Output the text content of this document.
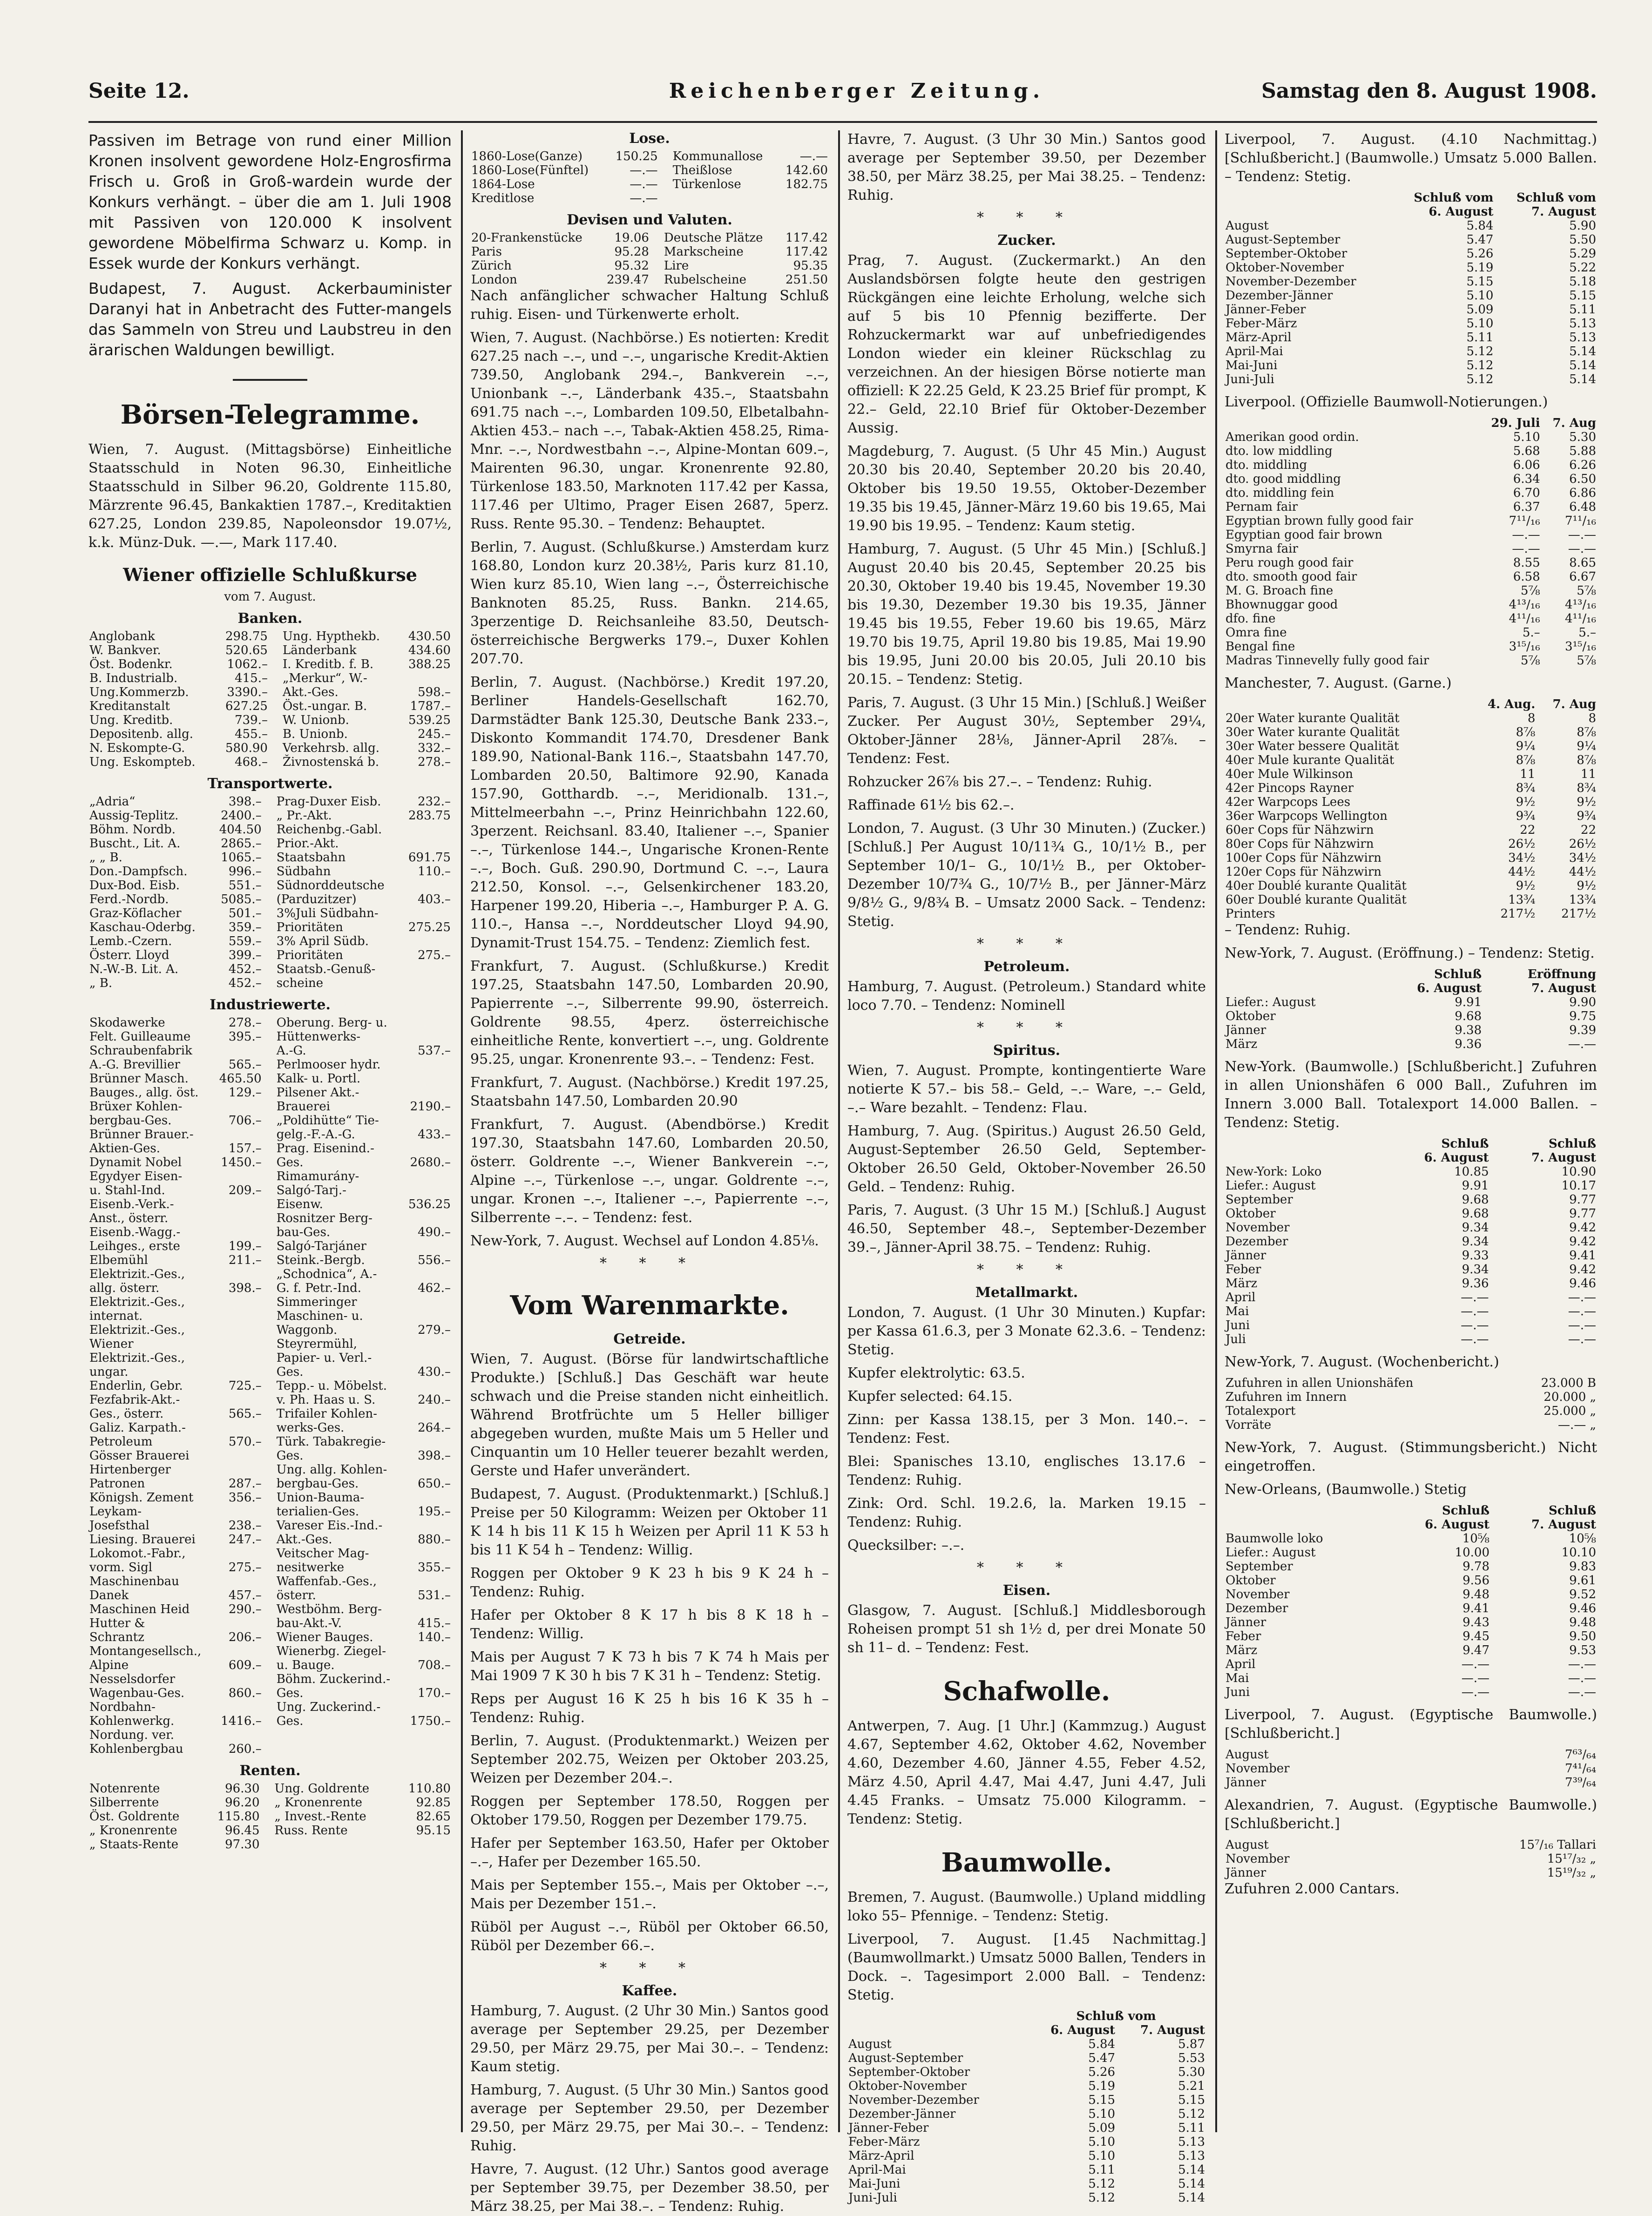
Seite 12.	Reichenberger Zeitung.	Samstag den 8. August 1908.

Passiven im Betrage von rund einer Million Kronen insolvent gewordene Holz-Engrosfirma Frisch u. Groß in Groß-wardein wurde der Konkurs verhängt. – über die am 1. Juli 1908 mit Passiven von 120.000 K insolvent gewordene Möbelfirma Schwarz u. Komp. in Essek wurde der Konkurs verhängt.

Budapest, 7. August. Ackerbauminister Daranyi hat in Anbetracht des Futter-mangels das Sammeln von Streu und Laubstreu in den ärarischen Waldungen bewilligt.

Börsen-Telegramme.

Wien, 7. August. (Mittagsbörse) Einheitliche Staatsschuld in Noten 96.30, Einheitliche Staatsschuld in Silber 96.20, Goldrente 115.80, Märzrente 96.45, Bankaktien 1787.–, Kreditaktien 627.25, London 239.85, Napoleonsdor 19.07½, k.k. Münz-Duk. —.—, Mark 117.40.

Wiener offizielle Schlußkurse
vom 7. August.
Banken.
Anglobank	298.75		Ung. Hypthekb.	430.50
W. Bankver.	520.65		Länderbank	434.60
Öst. Bodenkr.	1062.–		I. Kreditb. f. B.	388.25
B. Industrialb.	415.–		„Merkur“, W.-	
Ung.Kommerzb.	3390.–		Akt.-Ges.	598.–
Kreditanstalt	627.25		Öst.-ungar. B.	1787.–
Ung. Kreditb.	739.–		W. Unionb.	539.25
Depositenb. allg.	455.–		B. Unionb.	245.–
N. Eskompte-G.	580.90		Verkehrsb. allg.	332.–
Ung. Eskompteb.	468.–		Živnostenská b.	278.–
Transportwerte.
„Adria“	398.–		Prag-Duxer Eisb.	232.–
Aussig-Teplitz.	2400.–		„ Pr.-Akt.	283.75
Böhm. Nordb.	404.50		Reichenbg.-Gabl.	
Buscht., Lit. A.	2865.–		Prior.-Akt.	
„ „ B.	1065.–		Staatsbahn	691.75
Don.-Dampfsch.	996.–		Südbahn	110.–
Dux-Bod. Eisb.	551.–		Südnorddeutsche	
Ferd.-Nordb.	5085.–		(Parduzitzer)	403.–
Graz-Köflacher	501.–		3%Juli Südbahn-	
Kaschau-Oderbg.	359.–		Prioritäten	275.25
Lemb.-Czern.	559.–		3% April Südb.	
Österr. Lloyd	399.–		Prioritäten	275.–
N.-W.-B. Lit. A.	452.–		Staatsb.-Genuß-	
„ B.	452.–		scheine	
Industriewerte.
Skodawerke	278.–		Oberung. Berg- u.	
Felt. Guilleaume	395.–		Hüttenwerks-	
Schraubenfabrik			A.-G.	537.–
A.-G. Brevillier	565.–		Perlmooser hydr.	
Brünner Masch.	465.50		Kalk- u. Portl.	
Bauges., allg. öst.	129.–		Pilsener Akt.-	
Brüxer Kohlen-			Brauerei	2190.–
bergbau-Ges.	706.–		„Poldihütte“ Tie-	
Brünner Brauer.-			gelg.-F.-A.-G.	433.–
Aktien-Ges.	157.–		Prag. Eisenind.-	
Dynamit Nobel	1450.–		Ges.	2680.–
Egydyer Eisen-			Rimamurány-	
u. Stahl-Ind.	209.–		Salgó-Tarj.-	
Eisenb.-Verk.-			Eisenw.	536.25
Anst., österr.			Rosnitzer Berg-	
Eisenb.-Wagg.-			bau-Ges.	490.–
Leihges., erste	199.–		Salgó-Tarjáner	
Elbemühl	211.–		Steink.-Bergb.	556.–
Elektrizit.-Ges.,			„Schodnica“, A.-	
allg. österr.	398.–		G. f. Petr.-Ind.	462.–
Elektrizit.-Ges.,			Simmeringer	
internat.			Maschinen- u.	
Elektrizit.-Ges.,			Waggonb.	279.–
Wiener			Steyrermühl,	
Elektrizit.-Ges.,			Papier- u. Verl.-	
ungar.			Ges.	430.–
Enderlin, Gebr.	725.–		Tepp.- u. Möbelst.	
Fezfabrik-Akt.-			v. Ph. Haas u. S.	240.–
Ges., österr.	565.–		Trifailer Kohlen-	
Galiz. Karpath.-			werks-Ges.	264.–
Petroleum	570.–		Türk. Tabakregie-	
Gösser Brauerei			Ges.	398.–
Hirtenberger			Ung. allg. Kohlen-	
Patronen	287.–		bergbau-Ges.	650.–
Königsh. Zement	356.–		Union-Bauma-	
Leykam-			terialien-Ges.	195.–
Josefsthal	238.–		Vareser Eis.-Ind.-	
Liesing. Brauerei	247.–		Akt.-Ges.	880.–
Lokomot.-Fabr.,			Veitscher Mag-	
vorm. Sigl	275.–		nesitwerke	355.–
Maschinenbau			Waffenfab.-Ges.,	
Danek	457.–		österr.	531.–
Maschinen Heid	290.–		Westböhm. Berg-	
Hutter &			bau-Akt.-V.	415.–
Schrantz	206.–		Wiener Bauges.	140.–
Montangesellsch.,			Wienerbg. Ziegel-	
Alpine	609.–		u. Bauge.	708.–
Nesselsdorfer			Böhm. Zuckerind.-	
Wagenbau-Ges.	860.–		Ges.	170.–
Nordbahn-			Ung. Zuckerind.-	
Kohlenwerkg.	1416.–		Ges.	1750.–
Nordung. ver.				
Kohlenbergbau	260.–			
Renten.
Notenrente	96.30		Ung. Goldrente	110.80
Silberrente	96.20		„ Kronenrente	92.85
Öst. Goldrente	115.80		„ Invest.-Rente	82.65
„ Kronenrente	96.45		Russ. Rente	95.15
„ Staats-Rente	97.30			
Lose.
1860-Lose(Ganze)	150.25		Kommunallose	—.—
1860-Lose(Fünftel)	—.—		Theißlose	142.60
1864-Lose	—.—		Türkenlose	182.75
Kreditlose	—.—			
Devisen und Valuten.
20-Frankenstücke	19.06		Deutsche Plätze	117.42
Paris	95.28		Markscheine	117.42
Zürich	95.32		Lire	95.35
London	239.47		Rubelscheine	251.50

Nach anfänglicher schwacher Haltung Schluß ruhig. Eisen- und Türkenwerte erholt.

Wien, 7. August. (Nachbörse.) Es notierten: Kredit 627.25 nach –.–, und –.–, ungarische Kredit-Aktien 739.50, Anglobank 294.–, Bankverein –.–, Unionbank –.–, Länderbank 435.–, Staatsbahn 691.75 nach –.–, Lombarden 109.50, Elbetalbahn-Aktien 453.– nach –.–, Tabak-Aktien 458.25, Rima-Mnr. –.–, Nordwestbahn –.–, Alpine-Montan 609.–, Mairenten 96.30, ungar. Kronenrente 92.80, Türkenlose 183.50, Marknoten 117.42 per Kassa, 117.46 per Ultimo, Prager Eisen 2687, 5perz. Russ. Rente 95.30. – Tendenz: Behauptet.

Berlin, 7. August. (Schlußkurse.) Amsterdam kurz 168.80, London kurz 20.38½, Paris kurz 81.10, Wien kurz 85.10, Wien lang –.–, Österreichische Banknoten 85.25, Russ. Bankn. 214.65, 3perzentige D. Reichsanleihe 83.50, Deutsch-österreichische Bergwerks 179.–, Duxer Kohlen 207.70.

Berlin, 7. August. (Nachbörse.) Kredit 197.20, Berliner Handels-Gesellschaft 162.70, Darmstädter Bank 125.30, Deutsche Bank 233.–, Diskonto Kommandit 174.70, Dresdener Bank 189.90, National-Bank 116.–, Staatsbahn 147.70, Lombarden 20.50, Baltimore 92.90, Kanada 157.90, Gotthardb. –.–, Meridionalb. 131.–, Mittelmeerbahn –.–, Prinz Heinrichbahn 122.60, 3perzent. Reichsanl. 83.40, Italiener –.–, Spanier –.–, Türkenlose 144.–, Ungarische Kronen-Rente –.–, Boch. Guß. 290.90, Dortmund C. –.–, Laura 212.50, Konsol. –.–, Gelsenkirchener 183.20, Harpener 199.20, Hiberia –.–, Hamburger P. A. G. 110.–, Hansa –.–, Norddeutscher Lloyd 94.90, Dynamit-Trust 154.75. – Tendenz: Ziemlich fest.

Frankfurt, 7. August. (Schlußkurse.) Kredit 197.25, Staatsbahn 147.50, Lombarden 20.90, Papierrente –.–, Silberrente 99.90, österreich. Goldrente 98.55, 4perz. österreichische einheitliche Rente, konvertiert –.–, ung. Goldrente 95.25, ungar. Kronenrente 93.–. – Tendenz: Fest.

Frankfurt, 7. August. (Nachbörse.) Kredit 197.25, Staatsbahn 147.50, Lombarden 20.90

Frankfurt, 7. August. (Abendbörse.) Kredit 197.30, Staatsbahn 147.60, Lombarden 20.50, österr. Goldrente –.–, Wiener Bankverein –.–, Alpine –.–, Türkenlose –.–, ungar. Goldrente –.–, ungar. Kronen –.–, Italiener –.–, Papierrente –.–, Silberrente –.–. – Tendenz: fest.

New-York, 7. August. Wechsel auf London 4.85⅛.

* * *
Vom Warenmarkte.
Getreide.

Wien, 7. August. (Börse für landwirtschaftliche Produkte.) [Schluß.] Das Geschäft war heute schwach und die Preise standen nicht einheitlich. Während Brotfrüchte um 5 Heller billiger abgegeben wurden, mußte Mais um 5 Heller und Cinquantin um 10 Heller teuerer bezahlt werden, Gerste und Hafer unverändert.

Budapest, 7. August. (Produktenmarkt.) [Schluß.] Preise per 50 Kilogramm: Weizen per Oktober 11 K 14 h bis 11 K 15 h Weizen per April 11 K 53 h bis 11 K 54 h – Tendenz: Willig.

Roggen per Oktober 9 K 23 h bis 9 K 24 h – Tendenz: Ruhig.

Hafer per Oktober 8 K 17 h bis 8 K 18 h – Tendenz: Willig.

Mais per August 7 K 73 h bis 7 K 74 h Mais per Mai 1909 7 K 30 h bis 7 K 31 h – Tendenz: Stetig.

Reps per August 16 K 25 h bis 16 K 35 h – Tendenz: Ruhig.

Berlin, 7. August. (Produktenmarkt.) Weizen per September 202.75, Weizen per Oktober 203.25, Weizen per Dezember 204.–.

Roggen per September 178.50, Roggen per Oktober 179.50, Roggen per Dezember 179.75.

Hafer per September 163.50, Hafer per Oktober –.–, Hafer per Dezember 165.50.

Mais per September 155.–, Mais per Oktober –.–, Mais per Dezember 151.–.

Rüböl per August –.–, Rüböl per Oktober 66.50, Rüböl per Dezember 66.–.

* * *
Kaffee.

Hamburg, 7. August. (2 Uhr 30 Min.) Santos good average per September 29.25, per Dezember 29.50, per März 29.75, per Mai 30.–. – Tendenz: Kaum stetig.

Hamburg, 7. August. (5 Uhr 30 Min.) Santos good average per September 29.50, per Dezember 29.50, per März 29.75, per Mai 30.–. – Tendenz: Ruhig.

Havre, 7. August. (12 Uhr.) Santos good average per September 39.75, per Dezember 38.50, per März 38.25, per Mai 38.–. – Tendenz: Ruhig.

Havre, 7. August. (3 Uhr 30 Min.) Santos good average per September 39.50, per Dezember 38.50, per März 38.25, per Mai 38.25. – Tendenz: Ruhig.

* * *
Zucker.

Prag, 7. August. (Zuckermarkt.) An den Auslandsbörsen folgte heute den gestrigen Rückgängen eine leichte Erholung, welche sich auf 5 bis 10 Pfennig bezifferte. Der Rohzuckermarkt war auf unbefriedigendes London wieder ein kleiner Rückschlag zu verzeichnen. An der hiesigen Börse notierte man offiziell: K 22.25 Geld, K 23.25 Brief für prompt, K 22.– Geld, 22.10 Brief für Oktober-Dezember Aussig.

Magdeburg, 7. August. (5 Uhr 45 Min.) August 20.30 bis 20.40, September 20.20 bis 20.40, Oktober bis 19.50 19.55, Oktober-Dezember 19.35 bis 19.45, Jänner-März 19.60 bis 19.65, Mai 19.90 bis 19.95. – Tendenz: Kaum stetig.

Hamburg, 7. August. (5 Uhr 45 Min.) [Schluß.] August 20.40 bis 20.45, September 20.25 bis 20.30, Oktober 19.40 bis 19.45, November 19.30 bis 19.30, Dezember 19.30 bis 19.35, Jänner 19.45 bis 19.55, Feber 19.60 bis 19.65, März 19.70 bis 19.75, April 19.80 bis 19.85, Mai 19.90 bis 19.95, Juni 20.00 bis 20.05, Juli 20.10 bis 20.15. – Tendenz: Stetig.

Paris, 7. August. (3 Uhr 15 Min.) [Schluß.] Weißer Zucker. Per August 30½, September 29¼, Oktober-Jänner 28⅛, Jänner-April 28⅞. – Tendenz: Fest.

Rohzucker 26⅞ bis 27.–. – Tendenz: Ruhig.

Raffinade 61½ bis 62.–.

London, 7. August. (3 Uhr 30 Minuten.) (Zucker.) [Schluß.] Per August 10/11¾ G., 10/1½ B., per September 10/1– G., 10/1½ B., per Oktober-Dezember 10/7¾ G., 10/7½ B., per Jänner-März 9/8½ G., 9/8¾ B. – Umsatz 2000 Sack. – Tendenz: Stetig.

* * *
Petroleum.

Hamburg, 7. August. (Petroleum.) Standard white loco 7.70. – Tendenz: Nominell

* * *
Spiritus.

Wien, 7. August. Prompte, kontingentierte Ware notierte K 57.– bis 58.– Geld, –.– Ware, –.– Geld, –.– Ware bezahlt. – Tendenz: Flau.

Hamburg, 7. Aug. (Spiritus.) August 26.50 Geld, August-September 26.50 Geld, September-Oktober 26.50 Geld, Oktober-November 26.50 Geld. – Tendenz: Ruhig.

Paris, 7. August. (3 Uhr 15 M.) [Schluß.] August 46.50, September 48.–, September-Dezember 39.–, Jänner-April 38.75. – Tendenz: Ruhig.

* * *
Metallmarkt.

London, 7. August. (1 Uhr 30 Minuten.) Kupfar: per Kassa 61.6.3, per 3 Monate 62.3.6. – Tendenz: Stetig.

Kupfer elektrolytic: 63.5.

Kupfer selected: 64.15.

Zinn: per Kassa 138.15, per 3 Mon. 140.–. – Tendenz: Fest.

Blei: Spanisches 13.10, englisches 13.17.6 – Tendenz: Ruhig.

Zink: Ord. Schl. 19.2.6, la. Marken 19.15 – Tendenz: Ruhig.

Quecksilber: –.–.

* * *
Eisen.

Glasgow, 7. August. [Schluß.] Middlesborough Roheisen prompt 51 sh 1½ d, per drei Monate 50 sh 11– d. – Tendenz: Fest.

Schafwolle.

Antwerpen, 7. Aug. [1 Uhr.] (Kammzug.) August 4.67, September 4.62, Oktober 4.62, November 4.60, Dezember 4.60, Jänner 4.55, Feber 4.52, März 4.50, April 4.47, Mai 4.47, Juni 4.47, Juli 4.45 Franks. – Umsatz 75.000 Kilogramm. – Tendenz: Stetig.

Baumwolle.

Bremen, 7. August. (Baumwolle.) Upland middling loko 55– Pfennige. – Tendenz: Stetig.

Liverpool, 7. August. [1.45 Nachmittag.] (Baumwollmarkt.) Umsatz 5000 Ballen, Tenders in Dock. –. Tagesimport 2.000 Ball. – Tendenz: Stetig.

	Schluß vom	
	6. August	7. August
August	5.84	5.87
August-September	5.47	5.53
September-Oktober	5.26	5.30
Oktober-November	5.19	5.21
November-Dezember	5.15	5.15
Dezember-Jänner	5.10	5.12
Jänner-Feber	5.09	5.11
Feber-März	5.10	5.13
März-April	5.10	5.13
April-Mai	5.11	5.14
Mai-Juni	5.12	5.14
Juni-Juli	5.12	5.14

Liverpool, 7. August. (4.10 Nachmittag.) [Schlußbericht.] (Baumwolle.) Umsatz 5.000 Ballen. – Tendenz: Stetig.

	Schluß vom	Schluß vom
	6. August	7. August
August	5.84	5.90
August-September	5.47	5.50
September-Oktober	5.26	5.29
Oktober-November	5.19	5.22
November-Dezember	5.15	5.18
Dezember-Jänner	5.10	5.15
Jänner-Feber	5.09	5.11
Feber-März	5.10	5.13
März-April	5.11	5.13
April-Mai	5.12	5.14
Mai-Juni	5.12	5.14
Juni-Juli	5.12	5.14

Liverpool. (Offizielle Baumwoll-Notierungen.)

	29. Juli	7. Aug
Amerikan good ordin.	5.10	5.30
dto. low middling	5.68	5.88
dto. middling	6.06	6.26
dto. good middling	6.34	6.50
dto. middling fein	6.70	6.86
Pernam fair	6.37	6.48
Egyptian brown fully good fair	7¹¹/₁₆	7¹¹/₁₆
Egyptian good fair brown	—.—	—.—
Smyrna fair	—.—	—.—
Peru rough good fair	8.55	8.65
dto. smooth good fair	6.58	6.67
M. G. Broach fine	5⅞	5⅞
Bhownuggar good	4¹³/₁₆	4¹³/₁₆
dfo. fine	4¹¹/₁₆	4¹¹/₁₆
Omra fine	5.–	5.–
Bengal fine	3¹⁵/₁₆	3¹⁵/₁₆
Madras Tinnevelly fully good fair	5⅞	5⅞

Manchester, 7. August. (Garne.)

	4. Aug.	7. Aug
20er Water kurante Qualität	8	8
30er Water kurante Qualität	8⅞	8⅞
30er Water bessere Qualität	9¼	9¼
40er Mule kurante Qualität	8⅞	8⅞
40er Mule Wilkinson	11	11
42er Pincops Rayner	8¾	8¾
42er Warpcops Lees	9½	9½
36er Warpcops Wellington	9¾	9¾
60er Cops für Nähzwirn	22	22
80er Cops für Nähzwirn	26½	26½
100er Cops für Nähzwirn	34½	34½
120er Cops für Nähzwirn	44½	44½
40er Doublé kurante Qualität	9½	9½
60er Doublé kurante Qualität	13¾	13¾
Printers	217½	217½

– Tendenz: Ruhig.

New-York, 7. August. (Eröffnung.) – Tendenz: Stetig.

	Schluß	Eröffnung
	6. August	7. August
Liefer.: August	9.91	9.90
Oktober	9.68	9.75
Jänner	9.38	9.39
März	9.36	—.—

New-York. (Baumwolle.) [Schlußbericht.] Zufuhren in allen Unionshäfen 6 000 Ball., Zufuhren im Innern 3.000 Ball. Totalexport 14.000 Ballen. – Tendenz: Stetig.

	Schluß	Schluß
	6. August	7. August
New-York: Loko	10.85	10.90
Liefer.: August	9.91	10.17
September	9.68	9.77
Oktober	9.68	9.77
November	9.34	9.42
Dezember	9.34	9.42
Jänner	9.33	9.41
Feber	9.34	9.42
März	9.36	9.46
April	—.—	—.—
Mai	—.—	—.—
Juni	—.—	—.—
Juli	—.—	—.—

New-York, 7. August. (Wochenbericht.)

Zufuhren in allen Unionshäfen	23.000 B
Zufuhren im Innern	20.000 „
Totalexport	25.000 „
Vorräte	—.— „

New-York, 7. August. (Stimmungsbericht.) Nicht eingetroffen.

New-Orleans, (Baumwolle.) Stetig

	Schluß	Schluß
	6. August	7. August
Baumwolle loko	10⅝	10⅝
Liefer.: August	10.00	10.10
September	9.78	9.83
Oktober	9.56	9.61
November	9.48	9.52
Dezember	9.41	9.46
Jänner	9.43	9.48
Feber	9.45	9.50
März	9.47	9.53
April	—.—	—.—
Mai	—.—	—.—
Juni	—.—	—.—

Liverpool, 7. August. (Egyptische Baumwolle.) [Schlußbericht.]

August	7⁶³/₆₄
November	7⁴¹/₆₄
Jänner	7³⁹/₆₄

Alexandrien, 7. August. (Egyptische Baumwolle.) [Schlußbericht.]

August	15⁷/₁₆ Tallari
November	15¹⁷/₃₂ „
Jänner	15¹⁹/₃₂ „

Zufuhren 2.000 Cantars.
